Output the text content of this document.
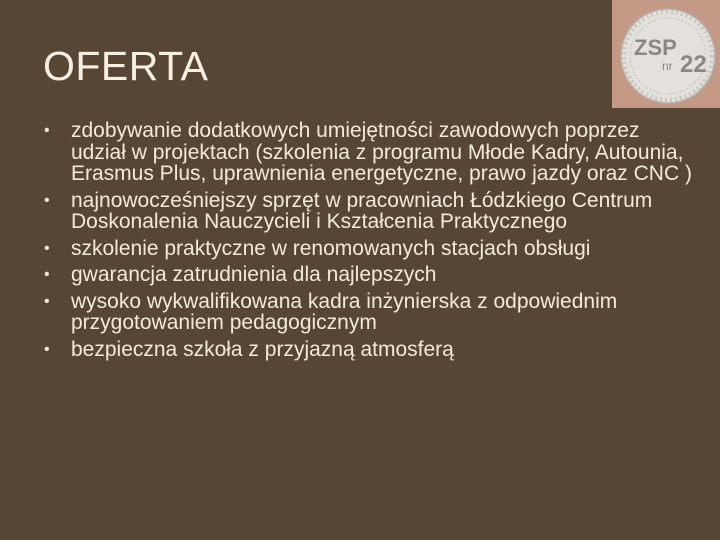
OFERTA	ZSP
nr 22
• zdobywanie dodatkowych umiejętności zawodowych poprzez udział w projektach (szkolenia z programu Młode Kadry, Autounia, Erasmus Plus, uprawnienia energetyczne, prawo jazdy oraz CNC )
• najnowocześniejszy sprzęt w pracowniach Łódzkiego Centrum Doskonalenia Nauczycieli i Kształcenia Praktycznego
• szkolenie praktyczne w renomowanych stacjach obsługi
• gwarancja zatrudnienia dla najlepszych
• wysoko wykwalifikowana kadra inżynierska z odpowiednim przygotowaniem pedagogicznym
• bezpieczna szkoła z przyjazną atmosferą
